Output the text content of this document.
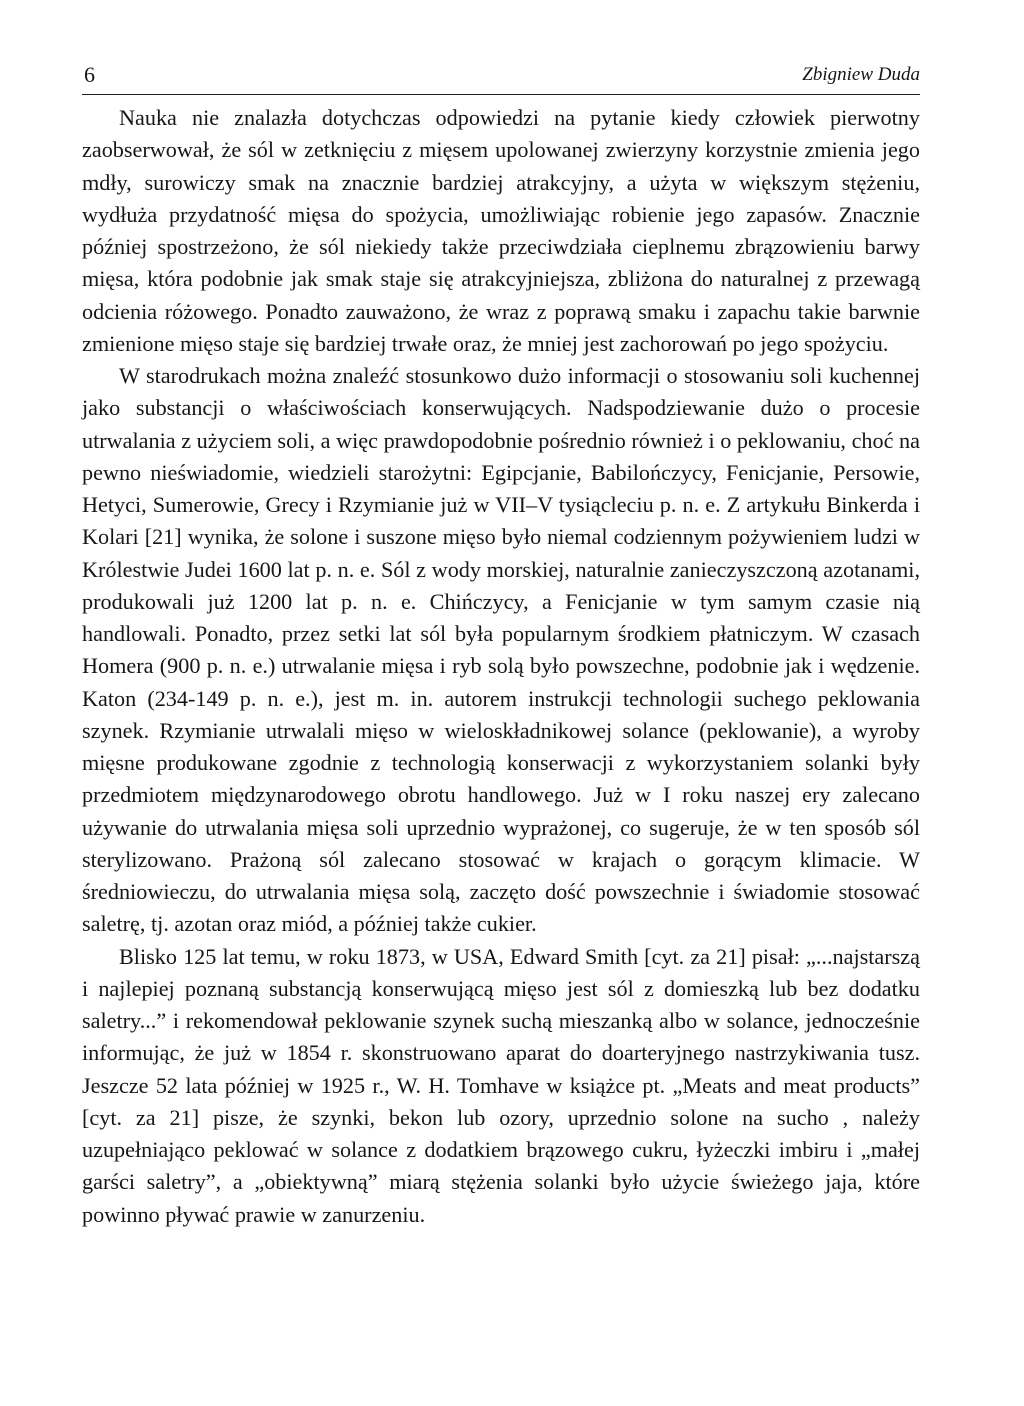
6	Zbigniew Duda

Nauka nie znalazła dotychczas odpowiedzi na pytanie kiedy człowiek pierwotny zaobserwował, że sól w zetknięciu z mięsem upolowanej zwierzyny korzystnie zmienia jego mdły, surowiczy smak na znacznie bardziej atrakcyjny, a użyta w większym stężeniu, wydłuża przydatność mięsa do spożycia, umożliwiając robienie jego zapasów. Znacznie później spostrzeżono, że sól niekiedy także przeciwdziała cieplnemu zbrązowieniu barwy mięsa, która podobnie jak smak staje się atrakcyjniejsza, zbliżona do naturalnej z przewagą odcienia różowego. Ponadto zauważono, że wraz z poprawą smaku i zapachu takie barwnie zmienione mięso staje się bardziej trwałe oraz, że mniej jest zachorowań po jego spożyciu.

W starodrukach można znaleźć stosunkowo dużo informacji o stosowaniu soli kuchennej jako substancji o właściwościach konserwujących. Nadspodziewanie dużo o procesie utrwalania z użyciem soli, a więc prawdopodobnie pośrednio również i o peklowaniu, choć na pewno nieświadomie, wiedzieli starożytni: Egipcjanie, Babilończycy, Fenicjanie, Persowie, Hetyci, Sumerowie, Grecy i Rzymianie już w VII–V tysiącleciu p. n. e. Z artykułu Binkerda i Kolari [21] wynika, że solone i suszone mięso było niemal codziennym pożywieniem ludzi w Królestwie Judei 1600 lat p. n. e. Sól z wody morskiej, naturalnie zanieczyszczoną azotanami, produkowali już 1200 lat p. n. e. Chińczycy, a Fenicjanie w tym samym czasie nią handlowali. Ponadto, przez setki lat sól była popularnym środkiem płatniczym. W czasach Homera (900 p. n. e.) utrwalanie mięsa i ryb solą było powszechne, podobnie jak i wędzenie. Katon (234-149 p. n. e.), jest m. in. autorem instrukcji technologii suchego peklowania szynek. Rzymianie utrwalali mięso w wieloskładnikowej solance (peklowanie), a wyroby mięsne produkowane zgodnie z technologią konserwacji z wykorzystaniem solanki były przedmiotem międzynarodowego obrotu handlowego. Już w I roku naszej ery zalecano używanie do utrwalania mięsa soli uprzednio wyprażonej, co sugeruje, że w ten sposób sól sterylizowano. Prażoną sól zalecano stosować w krajach o gorącym klimacie. W średniowieczu, do utrwalania mięsa solą, zaczęto dość powszechnie i świadomie stosować saletrę, tj. azotan oraz miód, a później także cukier.

Blisko 125 lat temu, w roku 1873, w USA, Edward Smith [cyt. za 21] pisał: „...najstarszą i najlepiej poznaną substancją konserwującą mięso jest sól z domieszką lub bez dodatku saletry...” i rekomendował peklowanie szynek suchą mieszanką albo w solance, jednocześnie informując, że już w 1854 r. skonstruowano aparat do doarteryjnego nastrzykiwania tusz. Jeszcze 52 lata później w 1925 r., W. H. Tomhave w książce pt. „Meats and meat products” [cyt. za 21] pisze, że szynki, bekon lub ozory, uprzednio solone na sucho , należy uzupełniająco peklować w solance z dodatkiem brązowego cukru, łyżeczki imbiru i „małej garści saletry”, a „obiektywną” miarą stężenia solanki było użycie świeżego jaja, które powinno pływać prawie w zanurzeniu.
